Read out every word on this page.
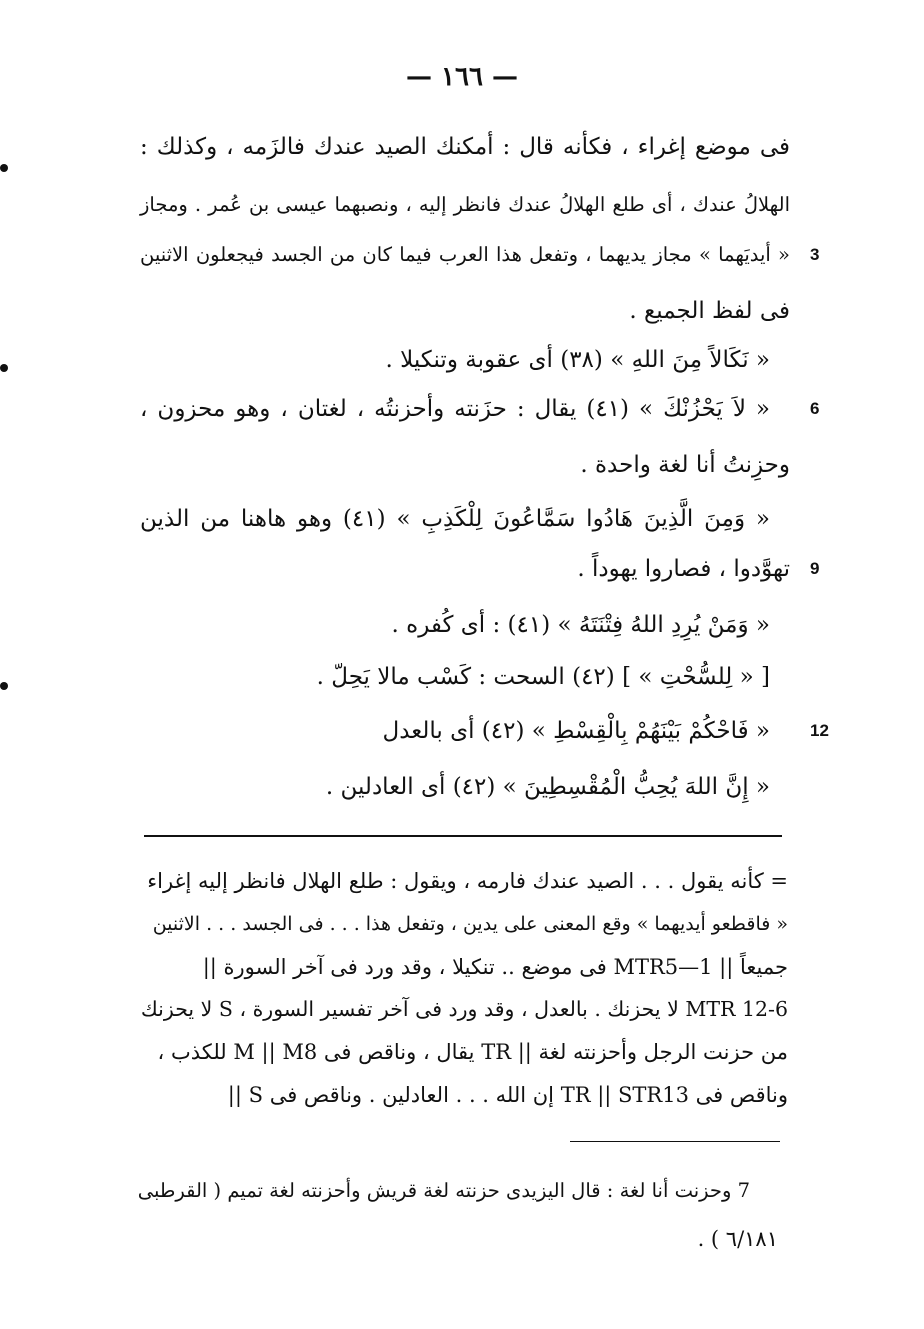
— ١٦٦ —
فى موضع إغراء ، فكأنه قال : أمكنك الصيد عندك فالزَمه ، وكذلك :
الهلالُ عندك ، أى طلع الهلالُ عندك فانظر إليه ، ونصبهما عيسى بن عُمر . ومجاز
« أيديَهما » مجاز يديهما ، وتفعل هذا العرب فيما كان من الجسد فيجعلون الاثنين 3
فى لفظ الجميع .
« نَكَالاً مِنَ اللهِ » (٣٨) أى عقوبة وتنكيلا .
« لاَ يَحْزُنْكَ » (٤١) يقال : حزَنته وأحزنتُه ، لغتان ، وهو محزون ، 6
وحزِنتُ أنا لغة واحدة .
« وَمِنَ الَّذِينَ هَادُوا سَمَّاعُونَ لِلْكَذِبِ » (٤١) وهو هاهنا من الذين
تهوَّدوا ، فصاروا يهوداً . 9
« وَمَنْ يُرِدِ اللهُ فِتْنَتَهُ » (٤١) : أى كُفره .
[ « لِلسُّحْتِ » ] (٤٢) السحت : كَسْب مالا يَحِلّ .
« فَاحْكُمْ بَيْنَهُمْ بِالْقِسْطِ » (٤٢) أى بالعدل 12
« إِنَّ اللهَ يُحِبُّ الْمُقْسِطِينَ » (٤٢) أى العادلين .
= كأنه يقول . . . الصيد عندك فارمه ، ويقول : طلع الهلال فانظر إليه إغراء
« فاقطعو أيديهما » وقع المعنى على يدين ، وتفعل هذا . . . فى الجسد . . . الاثنين
جميعاً || MTR5—1 فى موضع .. تنكيلا ، وقد ورد فى آخر السورة ||
MTR 12-6 لا يحزنك . بالعدل ، وقد ورد فى آخر تفسير السورة ، S لا يحزنك
من حزنت الرجل وأحزنته لغة || TR يقال ، وناقص فى M || M8 للكذب ،
وناقص فى TR || STR13 إن الله . . . العادلين . وناقص فى S ||
7 وحزنت أنا لغة : قال اليزيدى حزنته لغة قريش وأحزنته لغة تميم ( القرطبى
٦/١٨١ ) .
